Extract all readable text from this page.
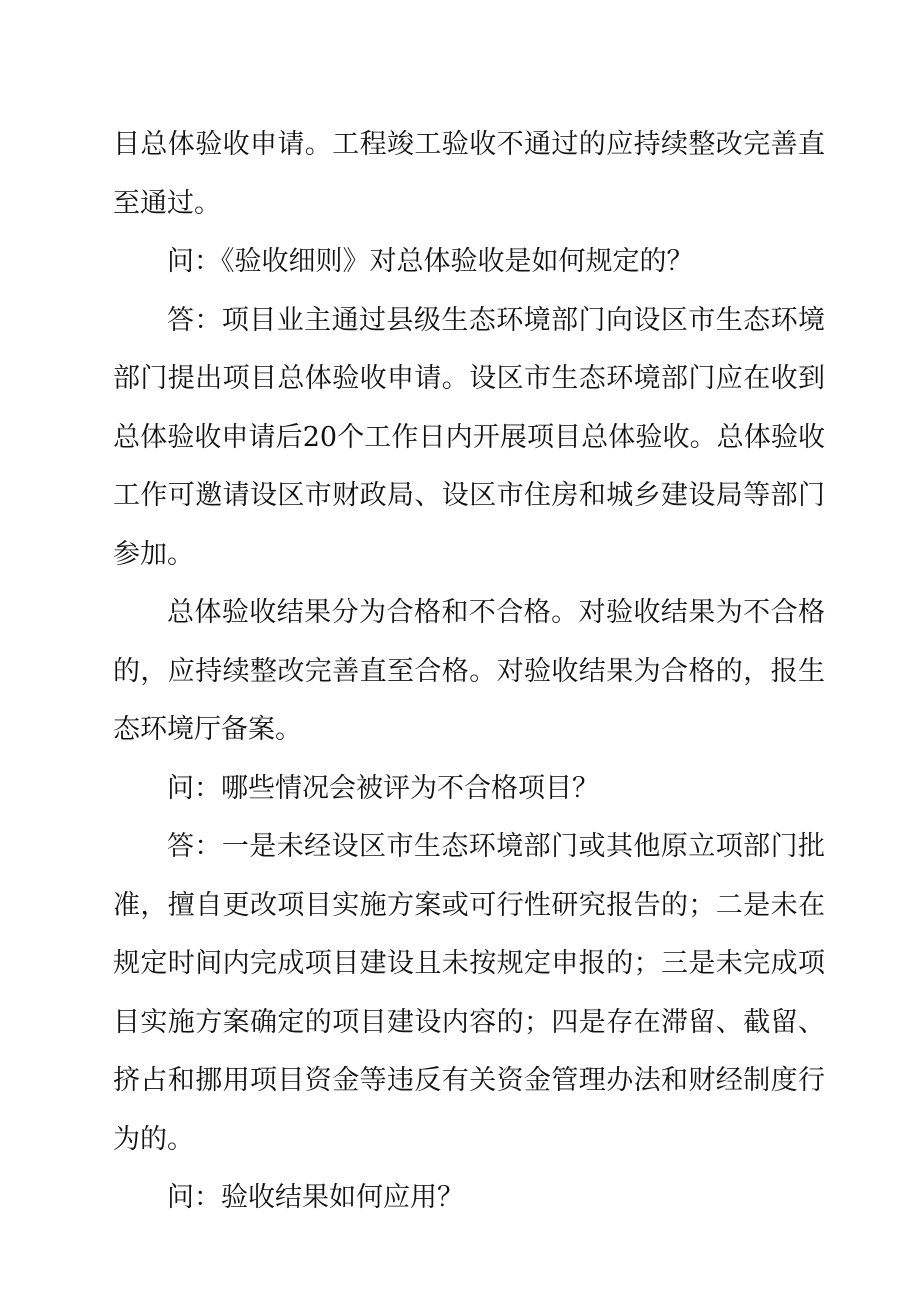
目总体验收申请。工程竣工验收不通过的应持续整改完善直至通过。

问：《验收细则》对总体验收是如何规定的？

答：项目业主通过县级生态环境部门向设区市生态环境部门提出项目总体验收申请。设区市生态环境部门应在收到总体验收申请后20个工作日内开展项目总体验收。总体验收工作可邀请设区市财政局、设区市住房和城乡建设局等部门参加。

总体验收结果分为合格和不合格。对验收结果为不合格的，应持续整改完善直至合格。对验收结果为合格的，报生态环境厅备案。

问：哪些情况会被评为不合格项目？

答：一是未经设区市生态环境部门或其他原立项部门批准，擅自更改项目实施方案或可行性研究报告的；二是未在规定时间内完成项目建设且未按规定申报的；三是未完成项目实施方案确定的项目建设内容的；四是存在滞留、截留、挤占和挪用项目资金等违反有关资金管理办法和财经制度行为的。

问：验收结果如何应用？
